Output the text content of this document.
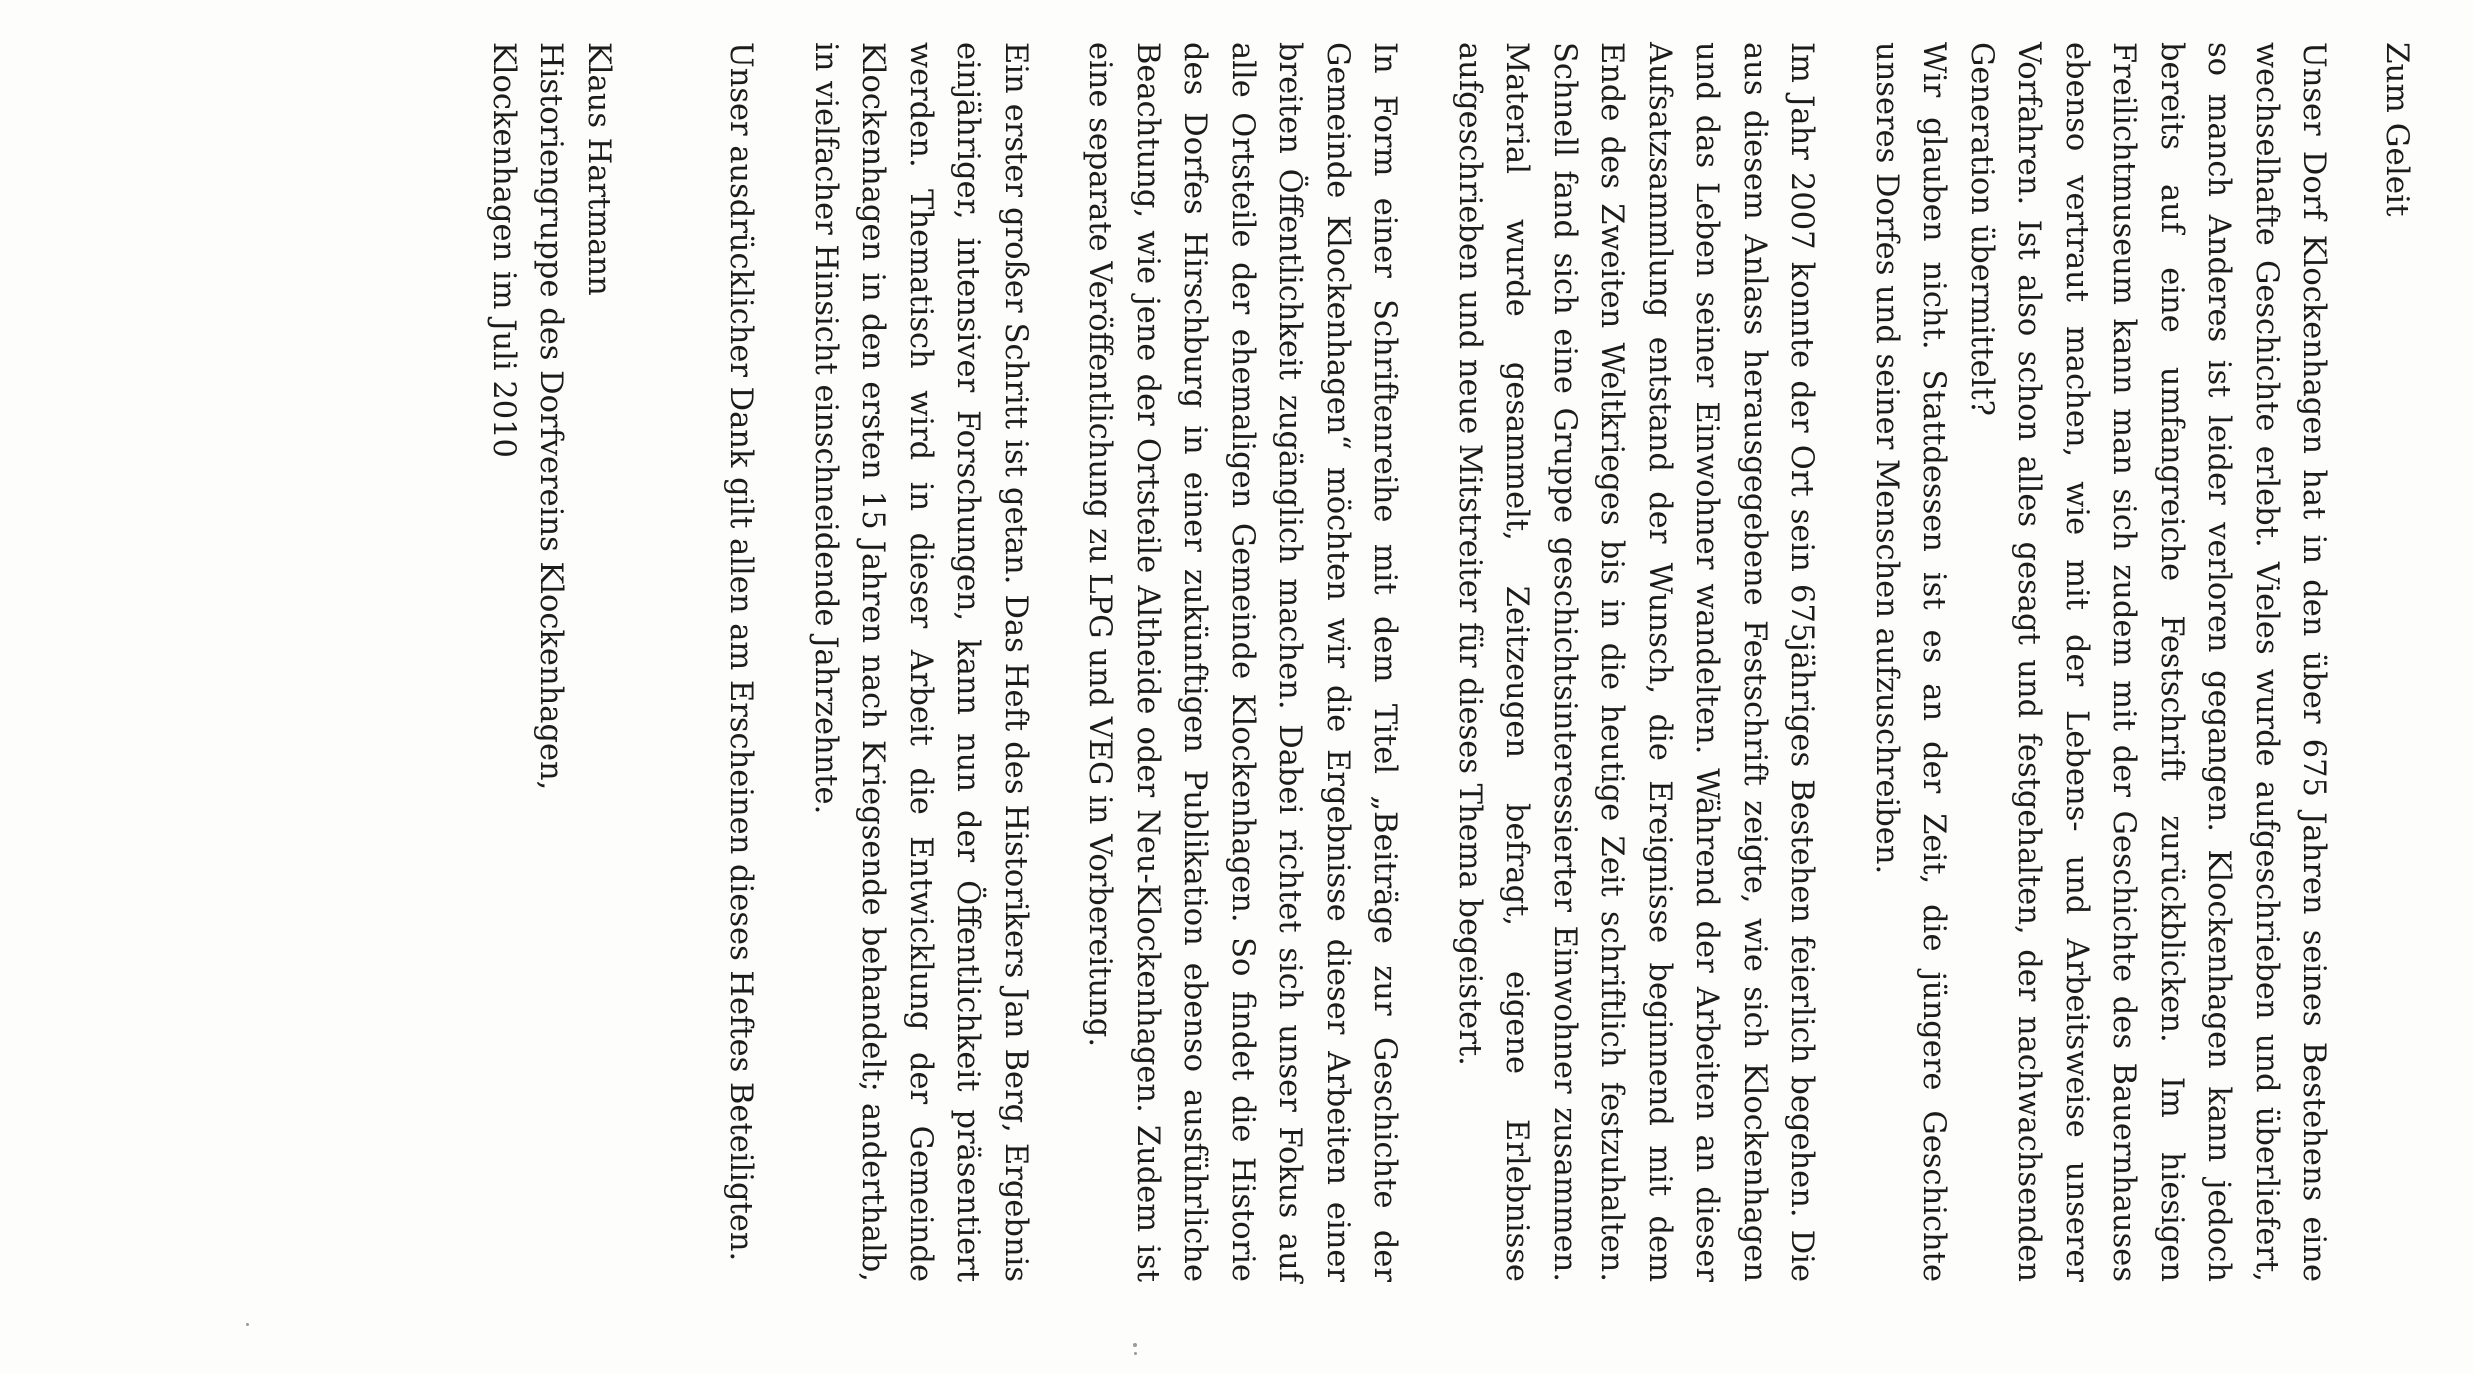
Zum Geleit

Unser Dorf Klockenhagen hat in den über 675 Jahren seines Bestehens eine wechselhafte Geschichte erlebt. Vieles wurde aufgeschrieben und überliefert, so manch Anderes ist leider verloren gegangen. Klockenhagen kann jedoch bereits auf eine umfangreiche Festschrift zurückblicken. Im hiesigen Freilichtmuseum kann man sich zudem mit der Geschichte des Bauernhauses ebenso vertraut machen, wie mit der Lebens- und Arbeitsweise unserer Vorfahren. Ist also schon alles gesagt und festgehalten, der nachwachsenden Generation übermittelt?

Wir glauben nicht. Stattdessen ist es an der Zeit, die jüngere Geschichte unseres Dorfes und seiner Menschen aufzuschreiben.

Im Jahr 2007 konnte der Ort sein 675jähriges Bestehen feierlich begehen. Die aus diesem Anlass herausgegebene Festschrift zeigte, wie sich Klockenhagen und das Leben seiner Einwohner wandelten. Während der Arbeiten an dieser Aufsatzsammlung entstand der Wunsch, die Ereignisse beginnend mit dem Ende des Zweiten Weltkrieges bis in die heutige Zeit schriftlich festzuhalten. Schnell fand sich eine Gruppe geschichtsinteressierter Einwohner zusammen. Material wurde gesammelt, Zeitzeugen befragt, eigene Erlebnisse aufgeschrieben und neue Mitstreiter für dieses Thema begeistert.

In Form einer Schriftenreihe mit dem Titel „Beiträge zur Geschichte der Gemeinde Klockenhagen“ möchten wir die Ergebnisse dieser Arbeiten einer breiten Öffentlichkeit zugänglich machen. Dabei richtet sich unser Fokus auf alle Ortsteile der ehemaligen Gemeinde Klockenhagen. So findet die Historie des Dorfes Hirschburg in einer zukünftigen Publikation ebenso ausführliche Beachtung, wie jene der Ortsteile Altheide oder Neu-Klockenhagen. Zudem ist eine separate Veröffentlichung zu LPG und VEG in Vorbereitung.

Ein erster großer Schritt ist getan. Das Heft des Historikers Jan Berg, Ergebnis einjähriger, intensiver Forschungen, kann nun der Öffentlichkeit präsentiert werden. Thematisch wird in dieser Arbeit die Entwicklung der Gemeinde Klockenhagen in den ersten 15 Jahren nach Kriegsende behandelt; anderthalb, in vielfacher Hinsicht einschneidende Jahrzehnte.

Unser ausdrücklicher Dank gilt allen am Erscheinen dieses Heftes Beteiligten.

Klaus Hartmann
Historiengruppe des Dorfvereins Klockenhagen,
Klockenhagen im Juli 2010
